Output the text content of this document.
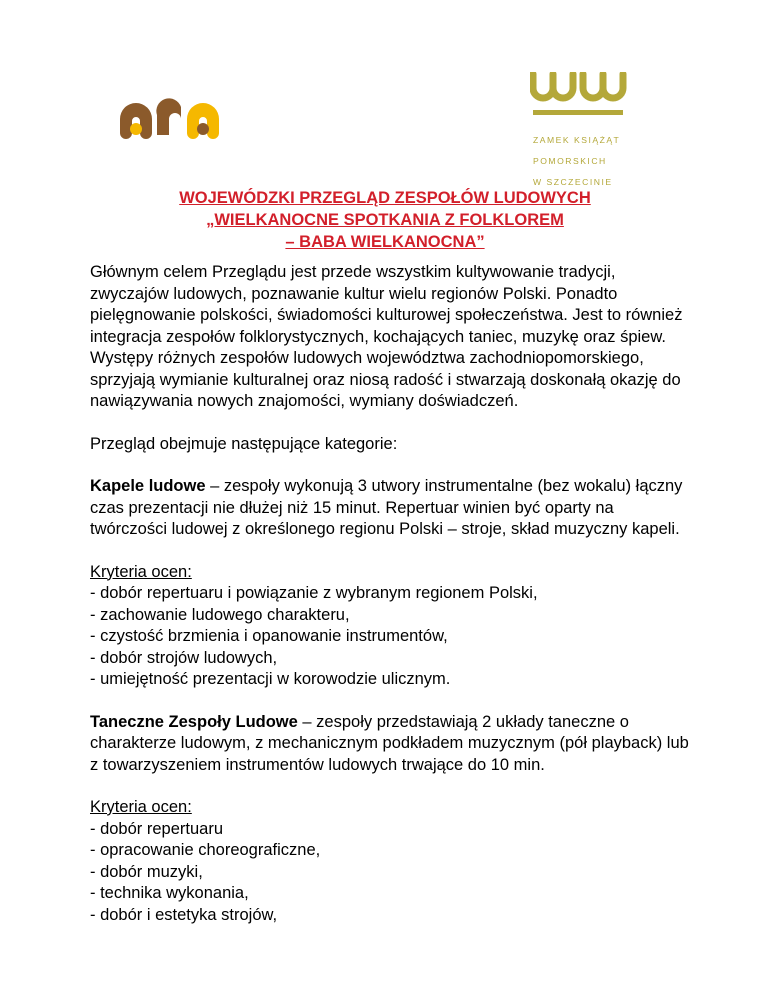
ZAMEK KSIĄŻĄT

POMORSKICH

W SZCZECINIE

WOJEWÓDZKI PRZEGLĄD ZESPOŁÓW LUDOWYCH
„WIELKANOCNE SPOTKANIA Z FOLKLOREM
– BABA WIELKANOCNA”

Głównym celem Przeglądu jest przede wszystkim kultywowanie tradycji, zwyczajów ludowych, poznawanie kultur wielu regionów Polski. Ponadto pielęgnowanie polskości, świadomości kulturowej społeczeństwa. Jest to również integracja zespołów folklorystycznych, kochających taniec, muzykę oraz śpiew. Występy różnych zespołów ludowych województwa zachodniopomorskiego, sprzyjają wymianie kulturalnej oraz niosą radość i stwarzają doskonałą okazję do nawiązywania nowych znajomości, wymiany doświadczeń.

Przegląd obejmuje następujące kategorie:

Kapele ludowe – zespoły wykonują 3 utwory instrumentalne (bez wokalu) łączny czas prezentacji nie dłużej niż 15 minut. Repertuar winien być oparty na twórczości ludowej z określonego regionu Polski – stroje, skład muzyczny kapeli.

Kryteria ocen:
- dobór repertuaru i powiązanie z wybranym regionem Polski,
- zachowanie ludowego charakteru,
- czystość brzmienia i opanowanie instrumentów,
- dobór strojów ludowych,
- umiejętność prezentacji w korowodzie ulicznym.

Taneczne Zespoły Ludowe – zespoły przedstawiają 2 układy taneczne o charakterze ludowym, z mechanicznym podkładem muzycznym (pół playback) lub z towarzyszeniem instrumentów ludowych trwające do 10 min.

Kryteria ocen:
- dobór repertuaru
- opracowanie choreograficzne,
- dobór muzyki,
- technika wykonania,
- dobór i estetyka strojów,
